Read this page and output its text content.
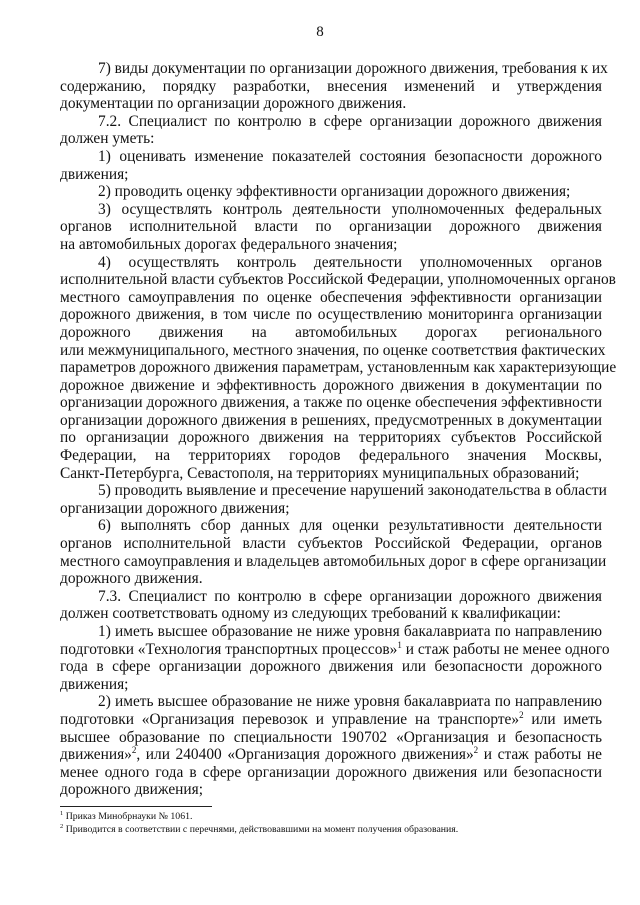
8
7) виды документации по организации дорожного движения, требования к их
содержанию, порядку разработки, внесения изменений и утверждения
документации по организации дорожного движения.
7.2. Специалист по контролю в сфере организации дорожного движения
должен уметь:
1) оценивать изменение показателей состояния безопасности дорожного
движения;
2) проводить оценку эффективности организации дорожного движения;
3) осуществлять контроль деятельности уполномоченных федеральных
органов исполнительной власти по организации дорожного движения
на автомобильных дорогах федерального значения;
4) осуществлять контроль деятельности уполномоченных органов
исполнительной власти субъектов Российской Федерации, уполномоченных органов
местного самоуправления по оценке обеспечения эффективности организации
дорожного движения, в том числе по осуществлению мониторинга организации
дорожного движения на автомобильных дорогах регионального
или межмуниципального, местного значения, по оценке соответствия фактических
параметров дорожного движения параметрам, установленным как характеризующие
дорожное движение и эффективность дорожного движения в документации по
организации дорожного движения, а также по оценке обеспечения эффективности
организации дорожного движения в решениях, предусмотренных в документации
по организации дорожного движения на территориях субъектов Российской
Федерации, на территориях городов федерального значения Москвы,
Санкт-Петербурга, Севастополя, на территориях муниципальных образований;
5) проводить выявление и пресечение нарушений законодательства в области
организации дорожного движения;
6) выполнять сбор данных для оценки результативности деятельности
органов исполнительной власти субъектов Российской Федерации, органов
местного самоуправления и владельцев автомобильных дорог в сфере организации
дорожного движения.
7.3. Специалист по контролю в сфере организации дорожного движения
должен соответствовать одному из следующих требований к квалификации:
1) иметь высшее образование не ниже уровня бакалавриата по направлению
подготовки «Технология транспортных процессов»$^1$ и стаж работы не менее одного
года в сфере организации дорожного движения или безопасности дорожного
движения;
2) иметь высшее образование не ниже уровня бакалавриата по направлению
подготовки «Организация перевозок и управление на транспорте»$^2$ или иметь
высшее образование по специальности 190702 «Организация и безопасность
движения»$^2$, или 240400 «Организация дорожного движения»$^2$ и стаж работы не
менее одного года в сфере организации дорожного движения или безопасности
дорожного движения;
$^1$ Приказ Минобрнауки № 1061.
$^2$ Приводится в соответствии с перечнями, действовавшими на момент получения образования.
